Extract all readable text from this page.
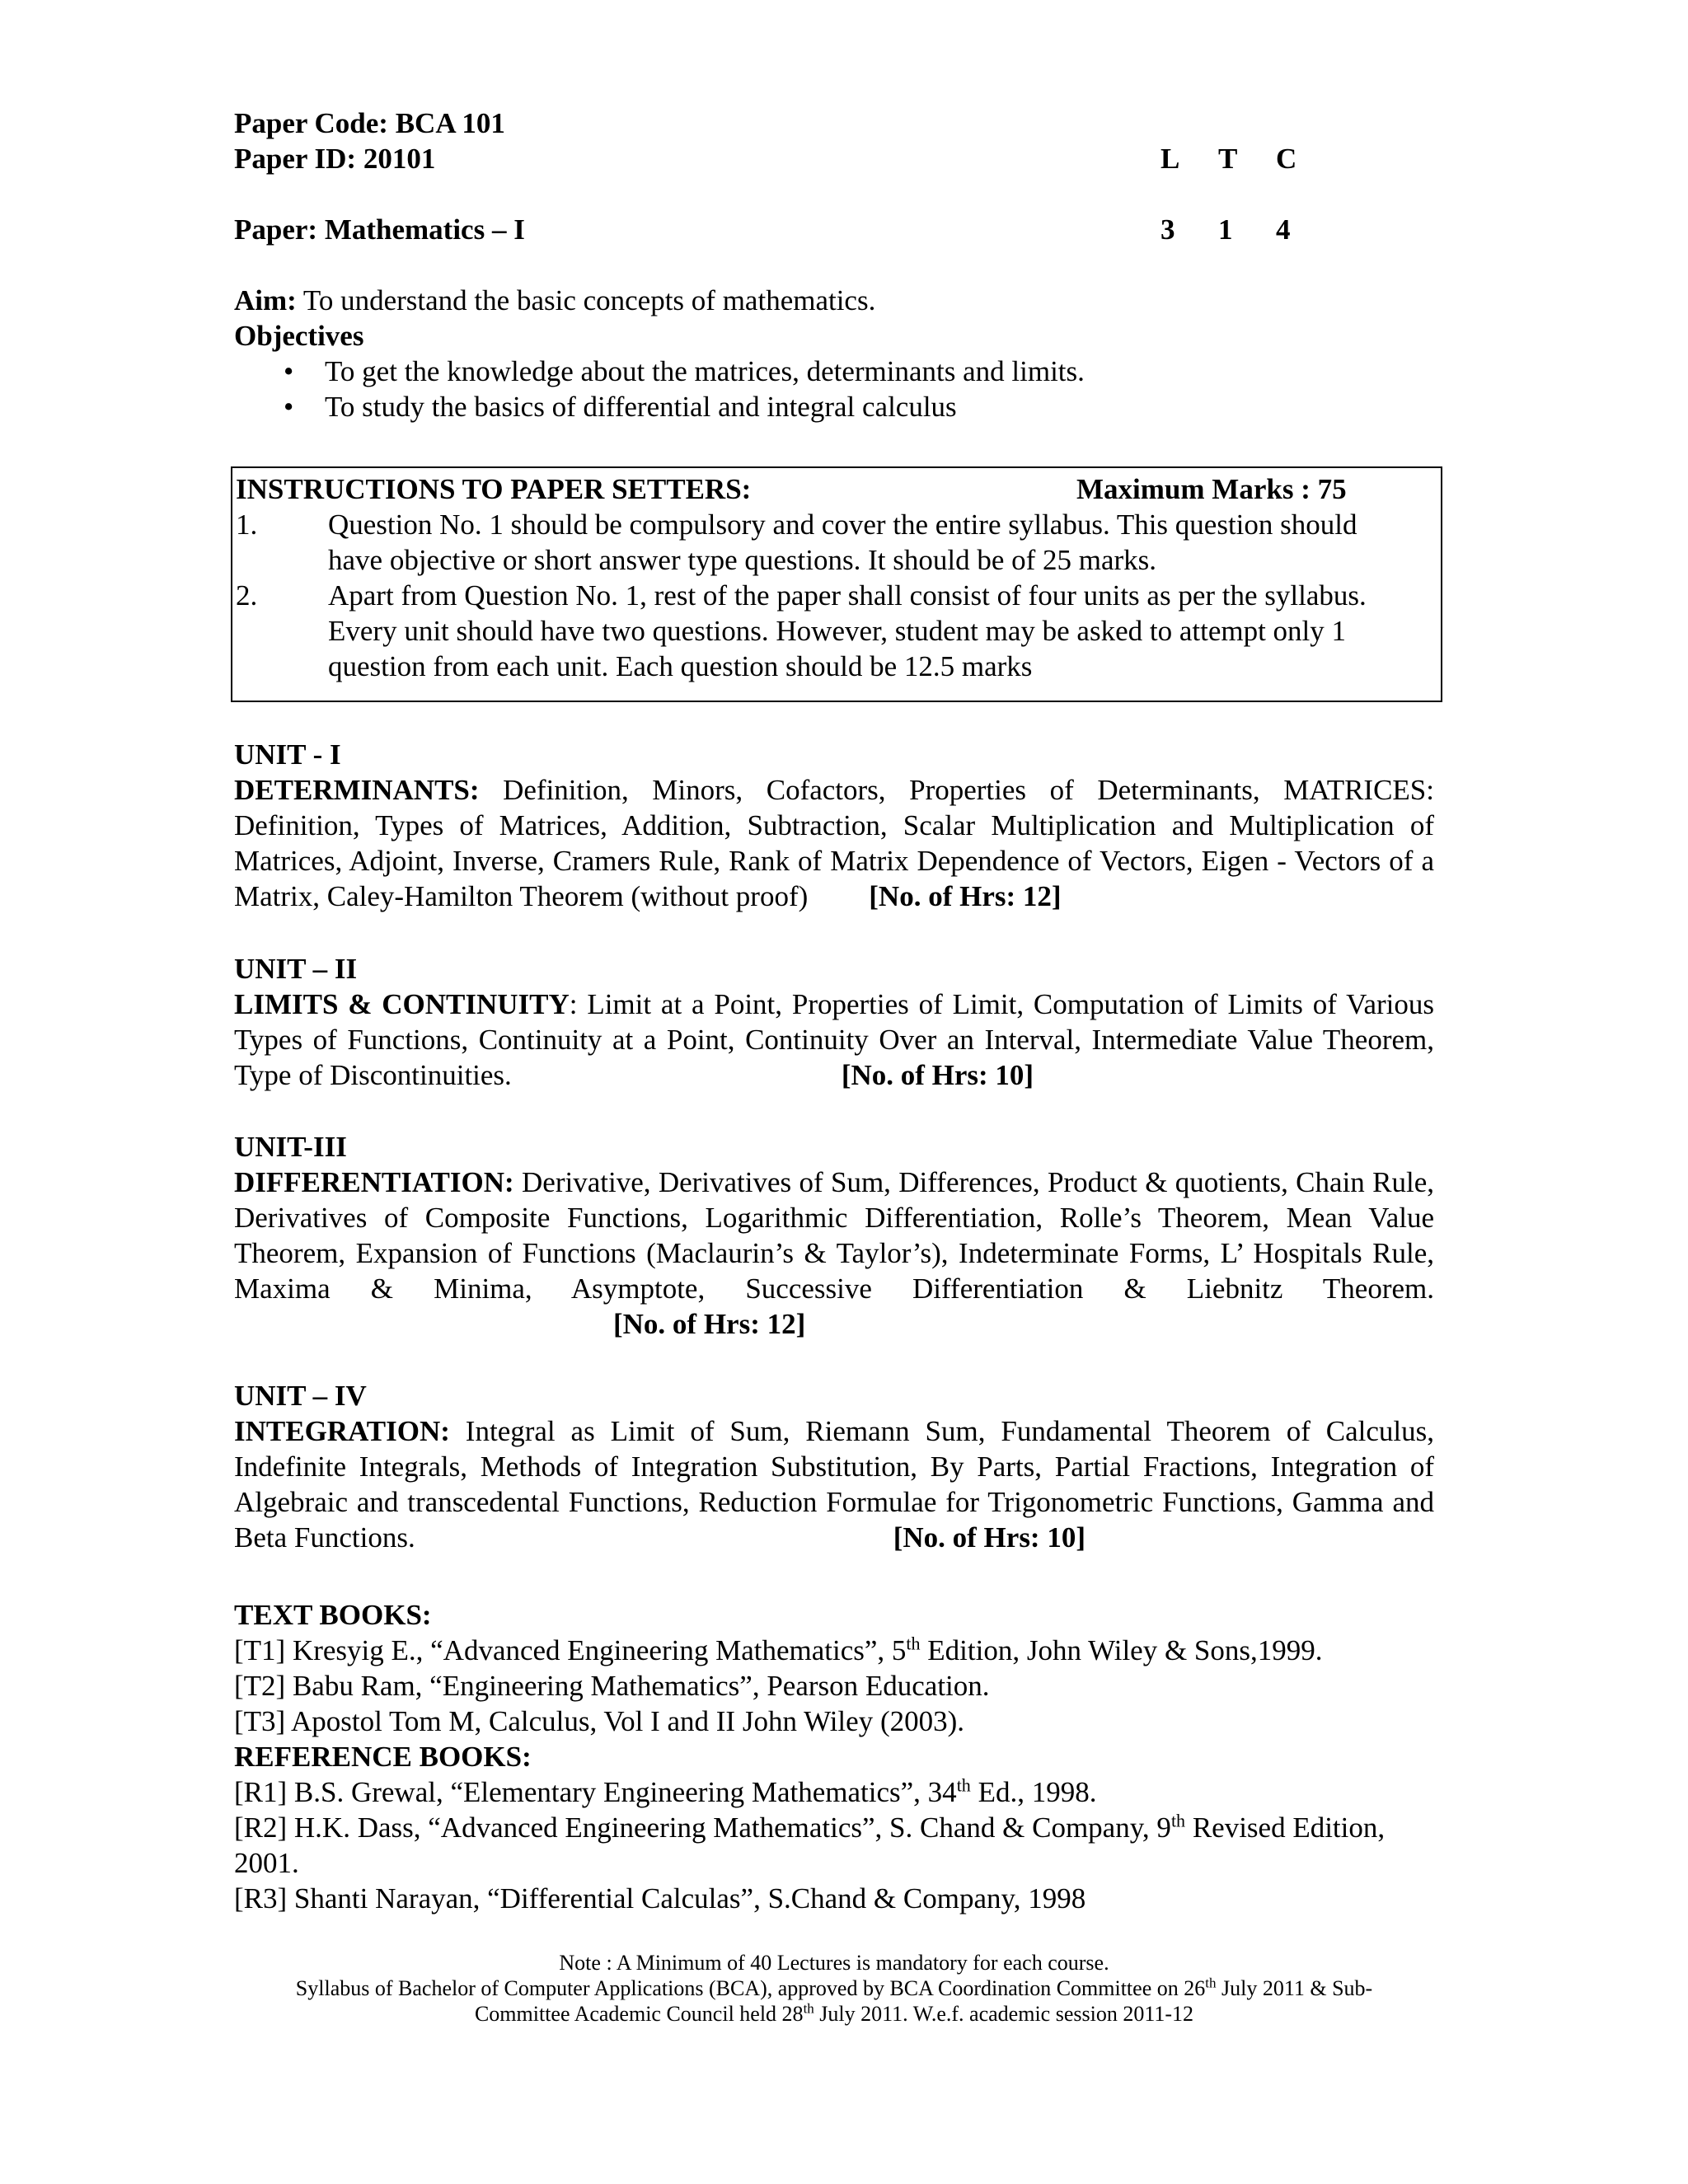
Paper Code: BCA 101
Paper ID: 20101	L	T	C
Paper: Mathematics – I	3	1	4
Aim: To understand the basic concepts of mathematics.
Objectives
• To get the knowledge about the matrices, determinants and limits.
• To study the basics of differential and integral calculus
INSTRUCTIONS TO PAPER SETTERS:	Maximum Marks : 75
1.	Question No. 1 should be compulsory and cover the entire syllabus. This question should have objective or short answer type questions. It should be of 25 marks.
2.	Apart from Question No. 1, rest of the paper shall consist of four units as per the syllabus. Every unit should have two questions. However, student may be asked to attempt only 1 question from each unit. Each question should be 12.5 marks
UNIT - I
DETERMINANTS: Definition, Minors, Cofactors, Properties of Determinants, MATRICES: Definition, Types of Matrices, Addition, Subtraction, Scalar Multiplication and Multiplication of Matrices, Adjoint, Inverse, Cramers Rule, Rank of Matrix Dependence of Vectors, Eigen - Vectors of a Matrix, Caley-Hamilton Theorem (without proof) [No. of Hrs: 12]
UNIT – II
LIMITS & CONTINUITY: Limit at a Point, Properties of Limit, Computation of Limits of Various Types of Functions, Continuity at a Point, Continuity Over an Interval, Intermediate Value Theorem, Type of Discontinuities.	[No. of Hrs: 10]
UNIT-III
DIFFERENTIATION: Derivative, Derivatives of Sum, Differences, Product & quotients, Chain Rule, Derivatives of Composite Functions, Logarithmic Differentiation, Rolle’s Theorem, Mean Value Theorem, Expansion of Functions (Maclaurin’s & Taylor’s), Indeterminate Forms, L’ Hospitals Rule, Maxima & Minima, Asymptote, Successive Differentiation & Liebnitz Theorem.[No. of Hrs: 12]
UNIT – IV
INTEGRATION: Integral as Limit of Sum, Riemann Sum, Fundamental Theorem of Calculus, Indefinite Integrals, Methods of Integration Substitution, By Parts, Partial Fractions, Integration of Algebraic and transcedental Functions, Reduction Formulae for Trigonometric Functions, Gamma and Beta Functions.	[No. of Hrs: 10]
TEXT BOOKS:
[T1] Kresyig E., “Advanced Engineering Mathematics”, 5th Edition, John Wiley & Sons,1999.
[T2] Babu Ram, “Engineering Mathematics”, Pearson Education.
[T3] Apostol Tom M, Calculus, Vol I and II John Wiley (2003).
REFERENCE BOOKS:
[R1] B.S. Grewal, “Elementary Engineering Mathematics”, 34th Ed., 1998.
[R2] H.K. Dass, “Advanced Engineering Mathematics”, S. Chand & Company, 9th Revised Edition, 2001.
[R3] Shanti Narayan, “Differential Calculas”, S.Chand & Company, 1998
Note : A Minimum of 40 Lectures is mandatory for each course.
Syllabus of Bachelor of Computer Applications (BCA), approved by BCA Coordination Committee on 26th July 2011 & Sub-Committee Academic Council held 28th July 2011. W.e.f. academic session 2011-12
